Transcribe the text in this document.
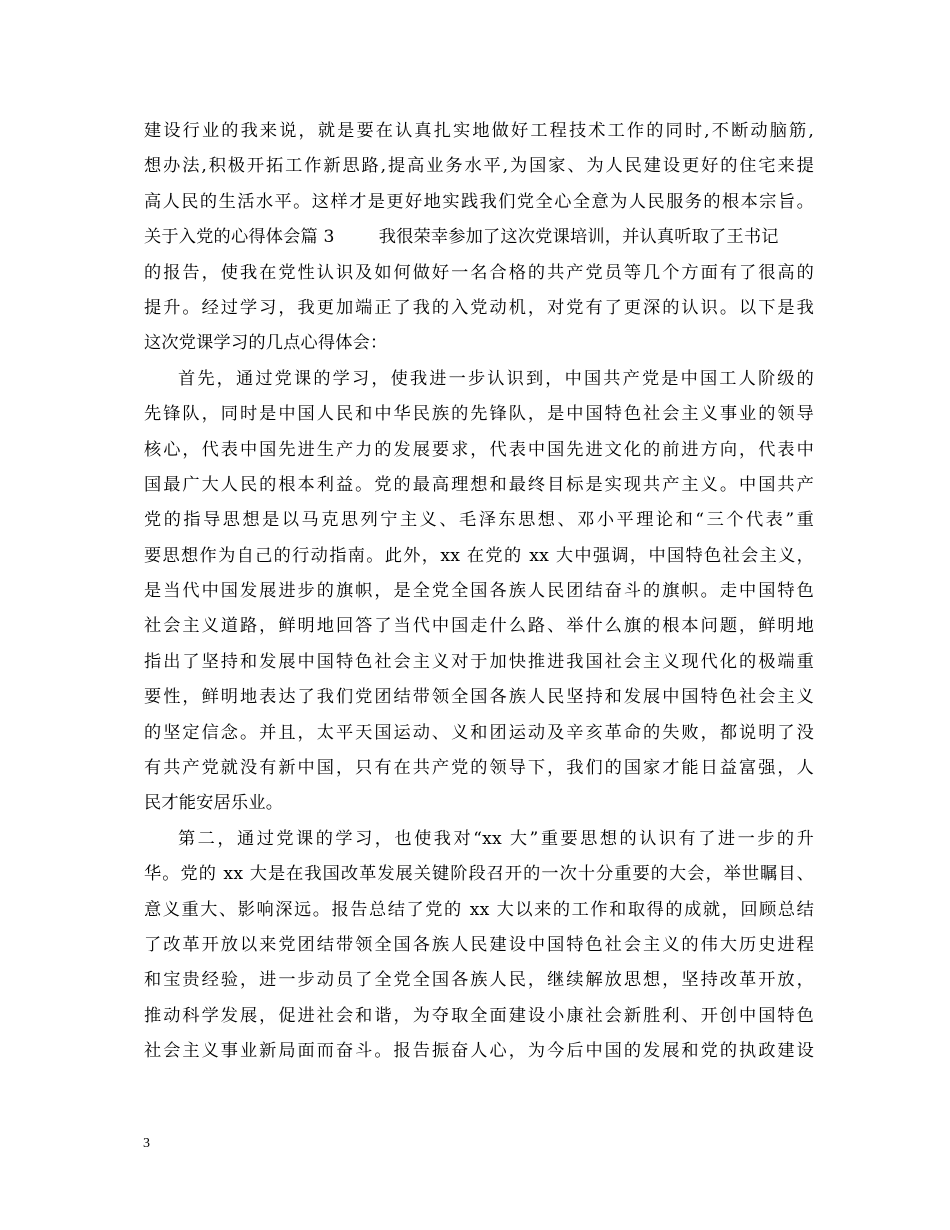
建设行业的我来说，就是要在认真扎实地做好工程技术工作的同时,不断动脑筋,
想办法,积极开拓工作新思路,提高业务水平,为国家、为人民建设更好的住宅来提
高人民的生活水平。这样才是更好地实践我们党全心全意为人民服务的根本宗旨。
关于入党的心得体会篇 3	我很荣幸参加了这次党课培训，并认真听取了王书记
的报告，使我在党性认识及如何做好一名合格的共产党员等几个方面有了很高的
提升。经过学习，我更加端正了我的入党动机，对党有了更深的认识。以下是我
这次党课学习的几点心得体会：
首先，通过党课的学习，使我进一步认识到，中国共产党是中国工人阶级的
先锋队，同时是中国人民和中华民族的先锋队，是中国特色社会主义事业的领导
核心，代表中国先进生产力的发展要求，代表中国先进文化的前进方向，代表中
国最广大人民的根本利益。党的最高理想和最终目标是实现共产主义。中国共产
党的指导思想是以马克思列宁主义、毛泽东思想、邓小平理论和“三个代表”重
要思想作为自己的行动指南。此外，xx 在党的 xx 大中强调，中国特色社会主义，
是当代中国发展进步的旗帜，是全党全国各族人民团结奋斗的旗帜。走中国特色
社会主义道路，鲜明地回答了当代中国走什么路、举什么旗的根本问题，鲜明地
指出了坚持和发展中国特色社会主义对于加快推进我国社会主义现代化的极端重
要性，鲜明地表达了我们党团结带领全国各族人民坚持和发展中国特色社会主义
的坚定信念。并且，太平天国运动、义和团运动及辛亥革命的失败，都说明了没
有共产党就没有新中国，只有在共产党的领导下，我们的国家才能日益富强，人
民才能安居乐业。
第二，通过党课的学习，也使我对“xx 大”重要思想的认识有了进一步的升
华。党的 xx 大是在我国改革发展关键阶段召开的一次十分重要的大会，举世瞩目、
意义重大、影响深远。报告总结了党的 xx 大以来的工作和取得的成就，回顾总结
了改革开放以来党团结带领全国各族人民建设中国特色社会主义的伟大历史进程
和宝贵经验，进一步动员了全党全国各族人民，继续解放思想，坚持改革开放，
推动科学发展，促进社会和谐，为夺取全面建设小康社会新胜利、开创中国特色
社会主义事业新局面而奋斗。报告振奋人心，为今后中国的发展和党的执政建设
3
